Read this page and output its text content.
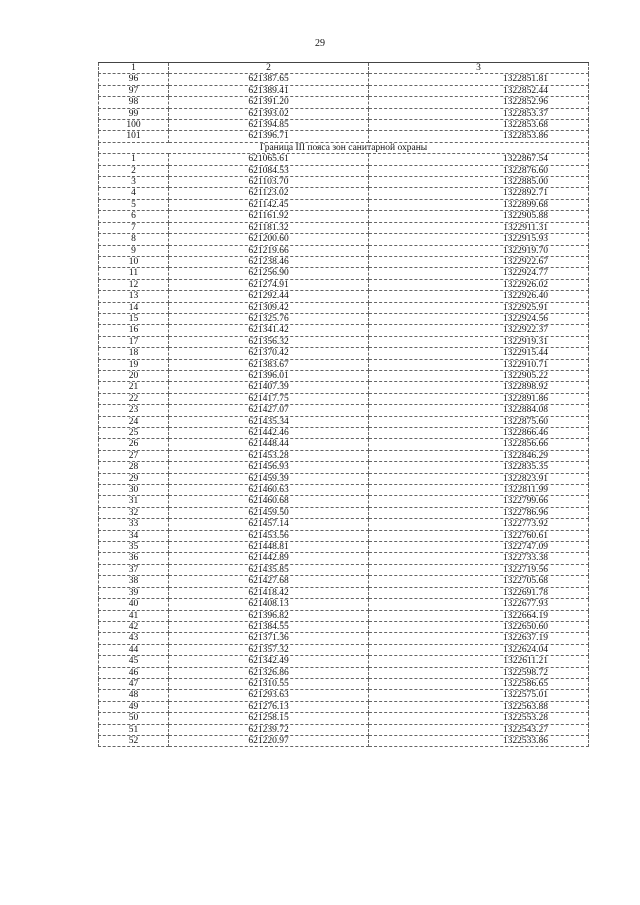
29
1	2	3
96	621387.65	1322851.81
97	621389.41	1322852.44
98	621391.20	1322852.96
99	621393.02	1322853.37
100	621394.85	1322853.68
101	621396.71	1322853.86
Граница III пояса зон санитарной охраны		
1	621065.61	1322867.54
2	621084.53	1322876.60
3	621103.70	1322885.00
4	621123.02	1322892.71
5	621142.45	1322899.68
6	621161.92	1322905.88
7	621181.32	1322911.31
8	621200.60	1322915.93
9	621219.66	1322919.70
10	621238.46	1322922.67
11	621256.90	1322924.77
12	621274.91	1322926.02
13	621292.44	1322926.40
14	621309.42	1322925.91
15	621325.76	1322924.56
16	621341.42	1322922.37
17	621356.32	1322919.31
18	621370.42	1322915.44
19	621383.67	1322910.71
20	621396.01	1322905.22
21	621407.39	1322898.92
22	621417.75	1322891.86
23	621427.07	1322884.08
24	621435.34	1322875.60
25	621442.46	1322866.46
26	621448.44	1322856.66
27	621453.28	1322846.29
28	621456.93	1322835.35
29	621459.39	1322823.91
30	621460.63	1322811.99
31	621460.68	1322799.66
32	621459.50	1322786.96
33	621457.14	1322773.92
34	621453.56	1322760.61
35	621448.81	1322747.09
36	621442.89	1322733.38
37	621435.85	1322719.56
38	621427.68	1322705.68
39	621418.42	1322691.78
40	621408.13	1322677.93
41	621396.82	1322664.19
42	621384.55	1322650.60
43	621371.36	1322637.19
44	621357.32	1322624.04
45	621342.49	1322611.21
46	621326.86	1322598.72
47	621310.55	1322586.65
48	621293.63	1322575.01
49	621276.13	1322563.88
50	621258.15	1322553.28
51	621239.72	1322543.27
52	621220.97	1322533.86
